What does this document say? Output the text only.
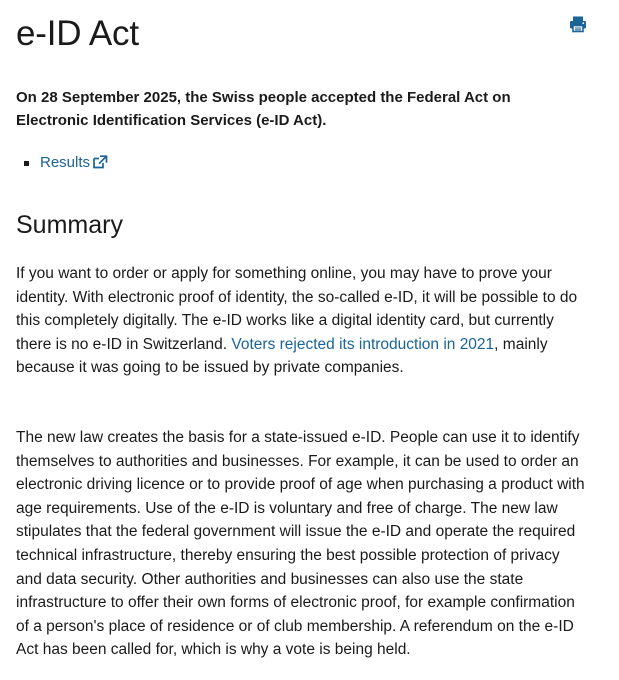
e-ID Act

On 28 September 2025, the Swiss people accepted the Federal Act on Electronic Identification Services (e-ID Act).

Results
Summary

If you want to order or apply for something online, you may have to prove your identity. With electronic proof of identity, the so-called e-ID, it will be possible to do this completely digitally. The e-ID works like a digital identity card, but currently there is no e-ID in Switzerland. Voters rejected its introduction in 2021, mainly because it was going to be issued by private companies.

The new law creates the basis for a state-issued e-ID. People can use it to identify themselves to authorities and businesses. For example, it can be used to order an electronic driving licence or to provide proof of age when purchasing a product with age requirements. Use of the e-ID is voluntary and free of charge. The new law stipulates that the federal government will issue the e-ID and operate the required technical infrastructure, thereby ensuring the best possible protection of privacy and data security. Other authorities and businesses can also use the state infrastructure to offer their own forms of electronic proof, for example confirmation of a person's place of residence or of club membership. A referendum on the e-ID Act has been called for, which is why a vote is being held.
